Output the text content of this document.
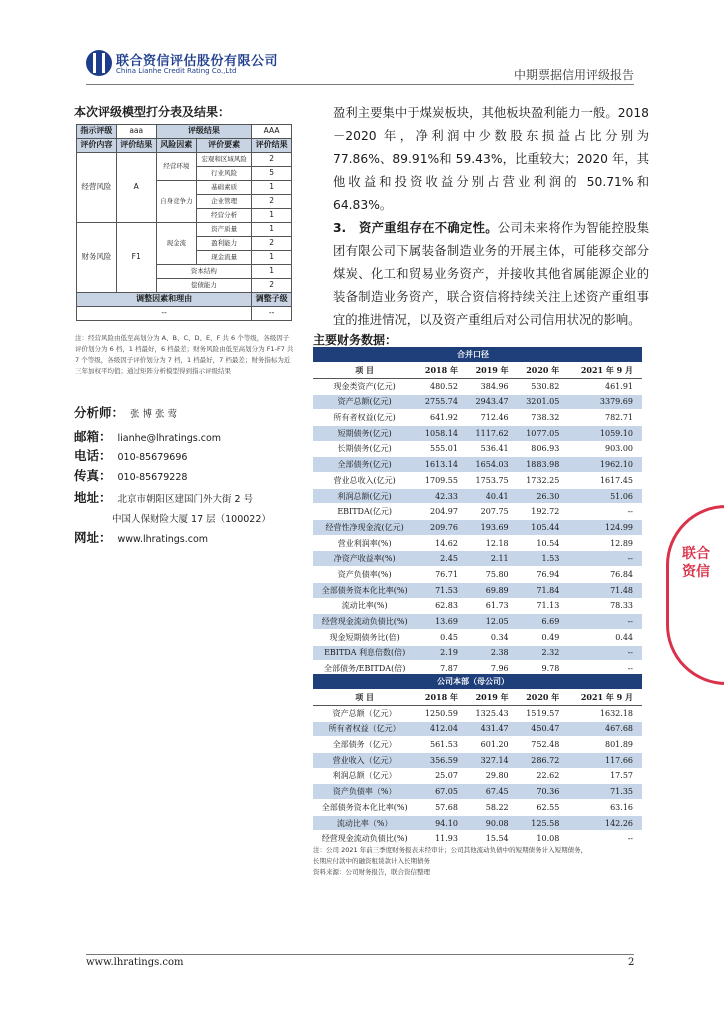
联合资信评估股份有限公司
China Lianhe Credit Rating Co.,Ltd	中期票据信用评级报告
本次评级模型打分表及结果：
指示评级	aaa	评级结果		AAA
评价内容	评价结果	风险因素	评价要素	评价结果
经营风险	A	经营环境	宏观和区域风险	2
			行业风险	5
		自身竞争力	基础素质	1
			企业管理	2
			经营分析	1
财务风险	F1	现金流	资产质量	1
			盈利能力	2
			现金流量	1
		资本结构		1
		偿债能力		2
调整因素和理由				调整子级
--				--
注：经营风险由低至高划分为 A、B、C、D、E、F 共 6 个等级，各级因子评价划分为 6 档，1 档最好，6 档最差；财务风险由低至高划分为 F1-F7 共 7 个等级，各级因子评价划分为 7 档，1 档最好，7 档最差；财务指标为近三年加权平均值；通过矩阵分析模型得到指示评级结果
分析师： 张 博 张 莺
邮箱： lianhe@lhratings.com
电话： 010-85679696
传真： 010-85679228
地址： 北京市朝阳区建国门外大街 2 号
中国人保财险大厦 17 层（100022）
网址： www.lhratings.com

盈利主要集中于煤炭板块，其他板块盈利能力一般。2018－2020 年，净利润中少数股东损益占比分别为 77.86%、89.91%和 59.43%，比重较大；2020 年，其他收益和投资收益分别占营业利润的 50.71%和 64.83%。

3. 资产重组存在不确定性。公司未来将作为智能控股集团有限公司下属装备制造业务的开展主体，可能移交部分煤炭、化工和贸易业务资产，并接收其他省属能源企业的装备制造业务资产，联合资信将持续关注上述资产重组事宜的推进情况，以及资产重组后对公司信用状况的影响。

主要财务数据：
合并口径				
项 目	2018 年	2019 年	2020 年	2021 年 9 月
现金类资产(亿元)	480.52	384.96	530.82	461.91
资产总额(亿元)	2755.74	2943.47	3201.05	3379.69
所有者权益(亿元)	641.92	712.46	738.32	782.71
短期债务(亿元)	1058.14	1117.62	1077.05	1059.10
长期债务(亿元)	555.01	536.41	806.93	903.00
全部债务(亿元)	1613.14	1654.03	1883.98	1962.10
营业总收入(亿元)	1709.55	1753.75	1732.25	1617.45
利润总额(亿元)	42.33	40.41	26.30	51.06
EBITDA(亿元)	204.97	207.75	192.72	--
经营性净现金流(亿元)	209.76	193.69	105.44	124.99
营业利润率(%)	14.62	12.18	10.54	12.89
净资产收益率(%)	2.45	2.11	1.53	--
资产负债率(%)	76.71	75.80	76.94	76.84
全部债务资本化比率(%)	71.53	69.89	71.84	71.48
流动比率(%)	62.83	61.73	71.13	78.33
经营现金流动负债比(%)	13.69	12.05	6.69	--
现金短期债务比(倍)	0.45	0.34	0.49	0.44
EBITDA 利息倍数(倍)	2.19	2.38	2.32	--
全部债务/EBITDA(倍)	7.87	7.96	9.78	--
公司本部（母公司）				
项 目	2018 年	2019 年	2020 年	2021 年 9 月
资产总额（亿元）	1250.59	1325.43	1519.57	1632.18
所有者权益（亿元）	412.04	431.47	450.47	467.68
全部债务（亿元）	561.53	601.20	752.48	801.89
营业收入（亿元）	356.59	327.14	286.72	117.66
利润总额（亿元）	25.07	29.80	22.62	17.57
资产负债率（%）	67.05	67.45	70.36	71.35
全部债务资本化比率(%)	57.68	58.22	62.55	63.16
流动比率（%）	94.10	90.08	125.58	142.26
经营现金流动负债比(%)	11.93	15.54	10.08	--
注：公司 2021 年前三季度财务报表未经审计；公司其他流动负债中的短期债务计入短期债务，
长期应付款中的融资租赁款计入长期债务
资料来源：公司财务报告，联合资信整理
联合资信
www.lhratings.com	2
